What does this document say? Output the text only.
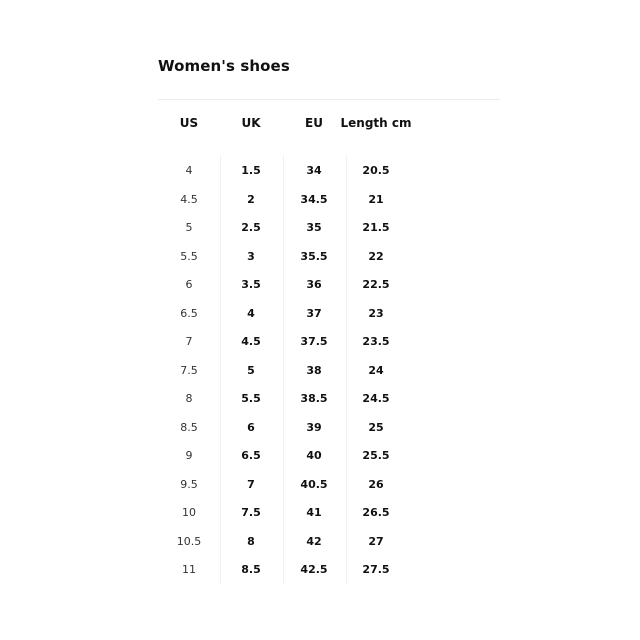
Women's shoes
US	UK	EU	Length cm
4	1.5	34	20.5
4.5	2	34.5	21
5	2.5	35	21.5
5.5	3	35.5	22
6	3.5	36	22.5
6.5	4	37	23
7	4.5	37.5	23.5
7.5	5	38	24
8	5.5	38.5	24.5
8.5	6	39	25
9	6.5	40	25.5
9.5	7	40.5	26
10	7.5	41	26.5
10.5	8	42	27
11	8.5	42.5	27.5
